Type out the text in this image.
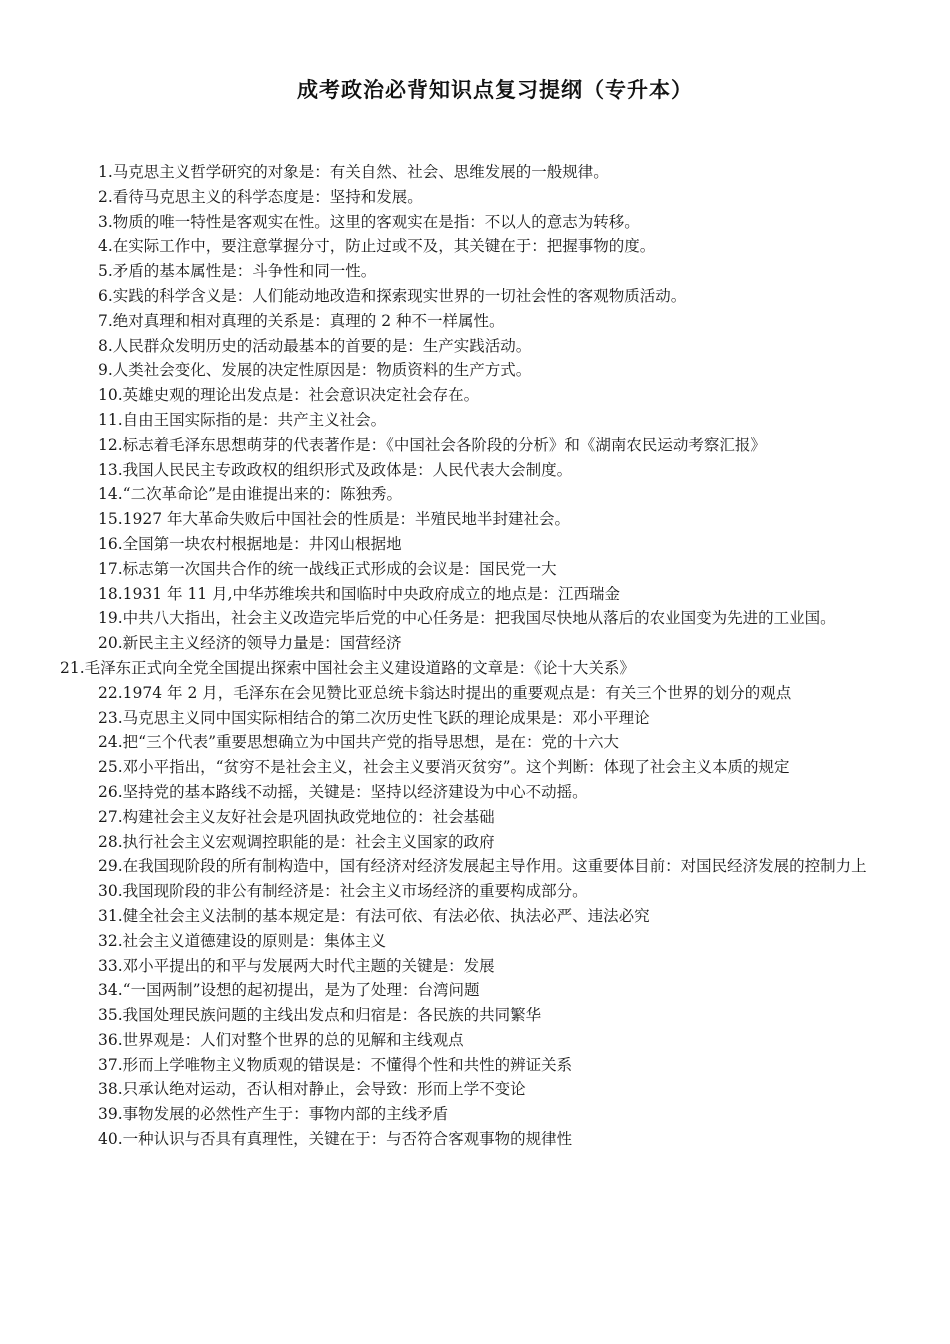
成考政治必背知识点复习提纲（专升本）
1.马克思主义哲学研究的对象是：有关自然、社会、思维发展的一般规律。
2.看待马克思主义的科学态度是：坚持和发展。
3.物质的唯一特性是客观实在性。这里的客观实在是指：不以人的意志为转移。
4.在实际工作中，要注意掌握分寸，防止过或不及，其关键在于：把握事物的度。
5.矛盾的基本属性是：斗争性和同一性。
6.实践的科学含义是：人们能动地改造和探索现实世界的一切社会性的客观物质活动。
7.绝对真理和相对真理的关系是：真理的 2 种不一样属性。
8.人民群众发明历史的活动最基本的首要的是：生产实践活动。
9.人类社会变化、发展的决定性原因是：物质资料的生产方式。
10.英雄史观的理论出发点是：社会意识决定社会存在。
11.自由王国实际指的是：共产主义社会。
12.标志着毛泽东思想萌芽的代表著作是：《中国社会各阶段的分析》和《湖南农民运动考察汇报》
13.我国人民民主专政政权的组织形式及政体是：人民代表大会制度。
14.“二次革命论”是由谁提出来的：陈独秀。
15.1927 年大革命失败后中国社会的性质是：半殖民地半封建社会。
16.全国第一块农村根据地是：井冈山根据地
17.标志第一次国共合作的统一战线正式形成的会议是：国民党一大
18.1931 年 11 月,中华苏维埃共和国临时中央政府成立的地点是：江西瑞金
19.中共八大指出，社会主义改造完毕后党的中心任务是：把我国尽快地从落后的农业国变为先进的工业国。
20.新民主主义经济的领导力量是：国营经济
21.毛泽东正式向全党全国提出探索中国社会主义建设道路的文章是：《论十大关系》
22.1974 年 2 月，毛泽东在会见赞比亚总统卡翁达时提出的重要观点是：有关三个世界的划分的观点
23.马克思主义同中国实际相结合的第二次历史性飞跃的理论成果是：邓小平理论
24.把“三个代表”重要思想确立为中国共产党的指导思想，是在：党的十六大
25.邓小平指出，“贫穷不是社会主义，社会主义要消灭贫穷”。这个判断：体现了社会主义本质的规定
26.坚持党的基本路线不动摇，关键是：坚持以经济建设为中心不动摇。
27.构建社会主义友好社会是巩固执政党地位的：社会基础
28.执行社会主义宏观调控职能的是：社会主义国家的政府
29.在我国现阶段的所有制构造中，国有经济对经济发展起主导作用。这重要体目前：对国民经济发展的控制力上
30.我国现阶段的非公有制经济是：社会主义市场经济的重要构成部分。
31.健全社会主义法制的基本规定是：有法可依、有法必依、执法必严、违法必究
32.社会主义道德建设的原则是：集体主义
33.邓小平提出的和平与发展两大时代主题的关键是：发展
34.“一国两制”设想的起初提出，是为了处理：台湾问题
35.我国处理民族问题的主线出发点和归宿是：各民族的共同繁华
36.世界观是：人们对整个世界的总的见解和主线观点
37.形而上学唯物主义物质观的错误是：不懂得个性和共性的辨证关系
38.只承认绝对运动，否认相对静止，会导致：形而上学不变论
39.事物发展的必然性产生于：事物内部的主线矛盾
40.一种认识与否具有真理性，关键在于：与否符合客观事物的规律性
